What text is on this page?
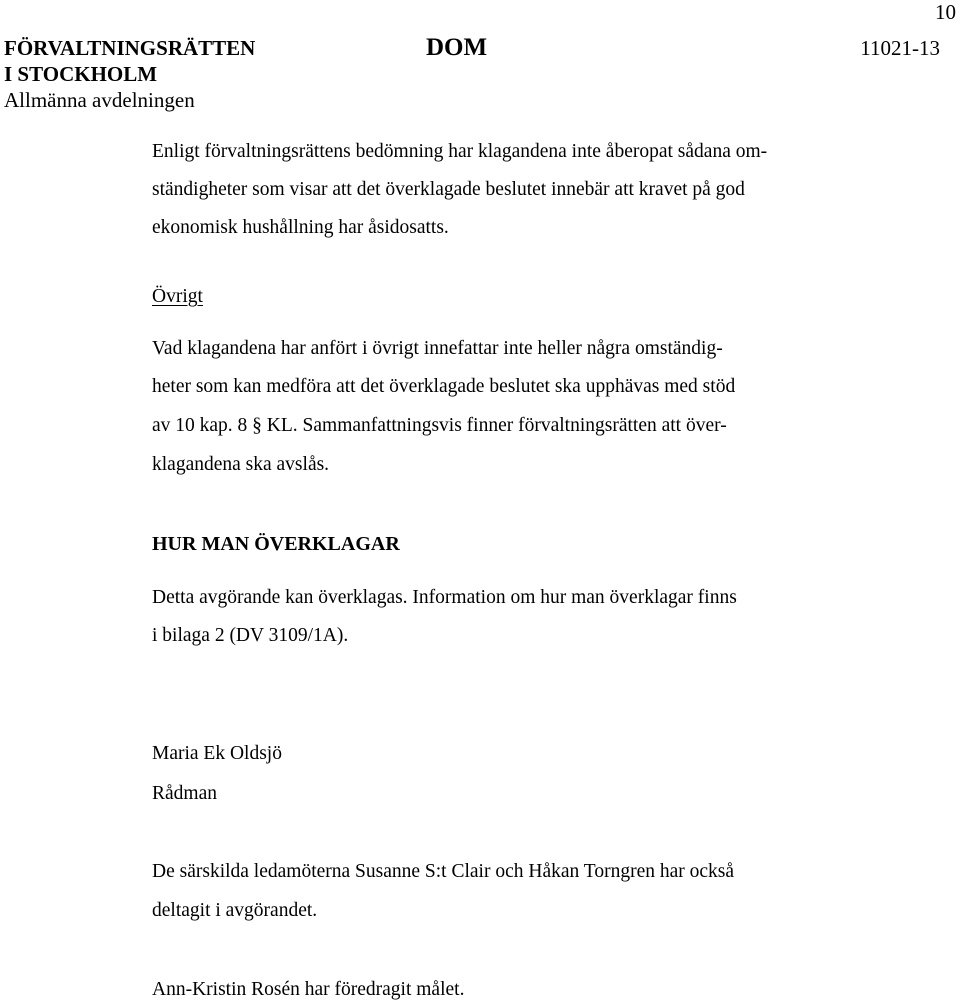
10
FÖRVALTNINGSRÄTTEN
I STOCKHOLM
Allmänna avdelningen
DOM	11021-13
Enligt förvaltningsrättens bedömning har klagandena inte åberopat sådana om-
ständigheter som visar att det överklagade beslutet innebär att kravet på god
ekonomisk hushållning har åsidosatts.
Övrigt
Vad klagandena har anfört i övrigt innefattar inte heller några omständig-
heter som kan medföra att det överklagade beslutet ska upphävas med stöd
av 10 kap. 8 § KL. Sammanfattningsvis finner förvaltningsrätten att över-
klagandena ska avslås.
HUR MAN ÖVERKLAGAR
Detta avgörande kan överklagas. Information om hur man överklagar finns
i bilaga 2 (DV 3109/1A).
Maria Ek Oldsjö
Rådman
De särskilda ledamöterna Susanne S:t Clair och Håkan Torngren har också
deltagit i avgörandet.
Ann-Kristin Rosén har föredragit målet.
